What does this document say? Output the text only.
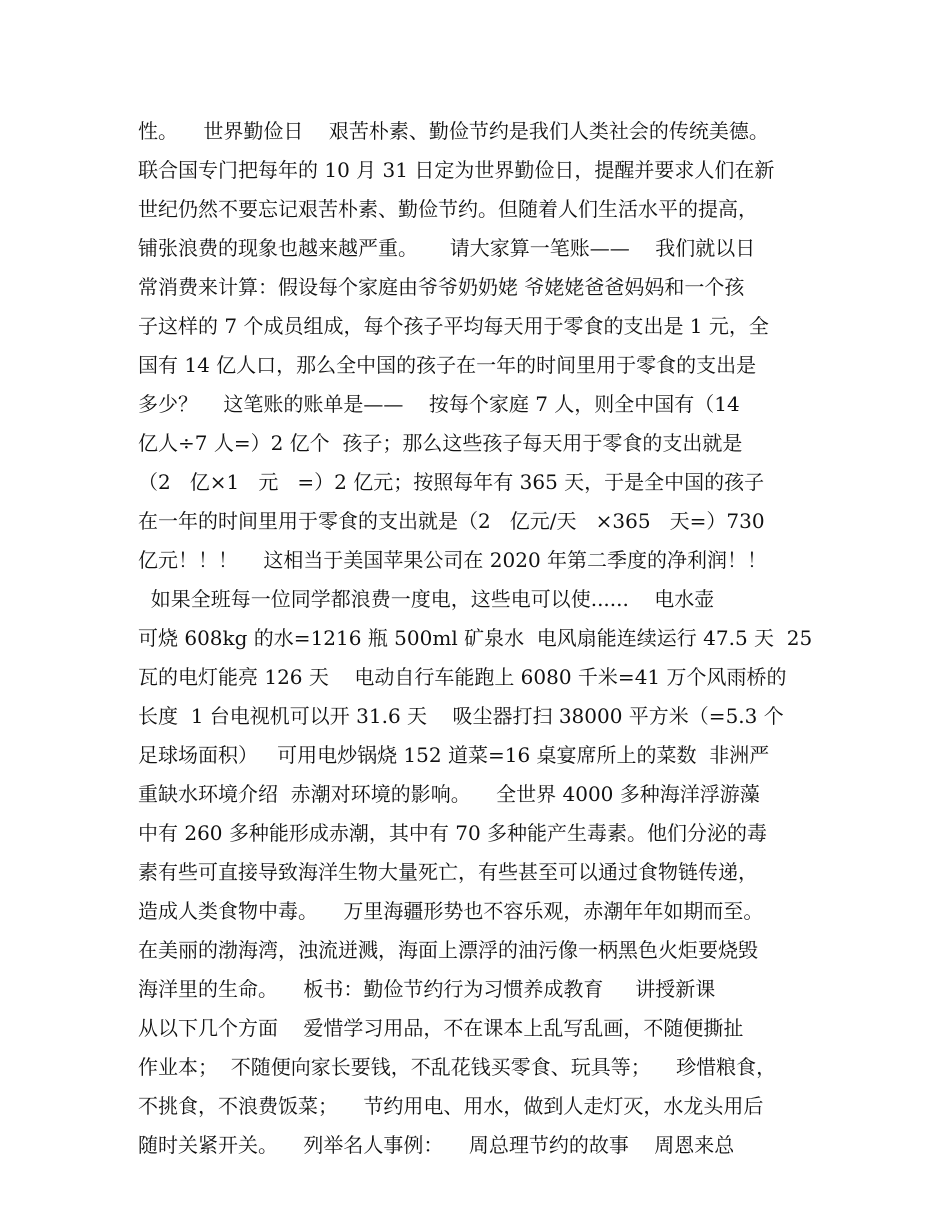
性。    世界勤俭日    艰苦朴素、勤俭节约是我们人类社会的传统美德。
联合国专门把每年的 10 月 31 日定为世界勤俭日，提醒并要求人们在新
世纪仍然不要忘记艰苦朴素、勤俭节约。但随着人们生活水平的提高，
铺张浪费的现象也越来越严重。     请大家算一笔账——    我们就以日
常消费来计算：假设每个家庭由爷爷奶奶姥 爷姥姥爸爸妈妈和一个孩
子这样的 7 个成员组成，每个孩子平均每天用于零食的支出是 1 元，全
国有 14 亿人口，那么全中国的孩子在一年的时间里用于零食的支出是
多少？    这笔账的账单是——    按每个家庭 7 人，则全中国有（14
亿人÷7 人=）2 亿个  孩子；那么这些孩子每天用于零食的支出就是
（2   亿×1   元   =）2 亿元；按照每年有 365 天，于是全中国的孩子
在一年的时间里用于零食的支出就是（2   亿元/天   ×365   天=）730
亿元！！！    这相当于美国苹果公司在 2020 年第二季度的净利润！！
如果全班每一位同学都浪费一度电，这些电可以使......    电水壶
可烧 608kg 的水=1216 瓶 500ml 矿泉水  电风扇能连续运行 47.5 天  25
瓦的电灯能亮 126 天    电动自行车能跑上 6080 千米=41 万个风雨桥的
长度  1 台电视机可以开 31.6 天    吸尘器打扫 38000 平方米（=5.3 个
足球场面积）   可用电炒锅烧 152 道菜=16 桌宴席所上的菜数  非洲严
重缺水环境介绍  赤潮对环境的影响。    全世界 4000 多种海洋浮游藻
中有 260 多种能形成赤潮，其中有 70 多种能产生毒素。他们分泌的毒
素有些可直接导致海洋生物大量死亡，有些甚至可以通过食物链传递，
造成人类食物中毒。    万里海疆形势也不容乐观，赤潮年年如期而至。
在美丽的渤海湾，浊流迸溅，海面上漂浮的油污像一柄黑色火炬要烧毁
海洋里的生命。    板书：勤俭节约行为习惯养成教育     讲授新课
从以下几个方面    爱惜学习用品，不在课本上乱写乱画，不随便撕扯
作业本；  不随便向家长要钱，不乱花钱买零食、玩具等；    珍惜粮食，
不挑食，不浪费饭菜；    节约用电、用水，做到人走灯灭，水龙头用后
随时关紧开关。    列举名人事例：    周总理节约的故事    周恩来总
